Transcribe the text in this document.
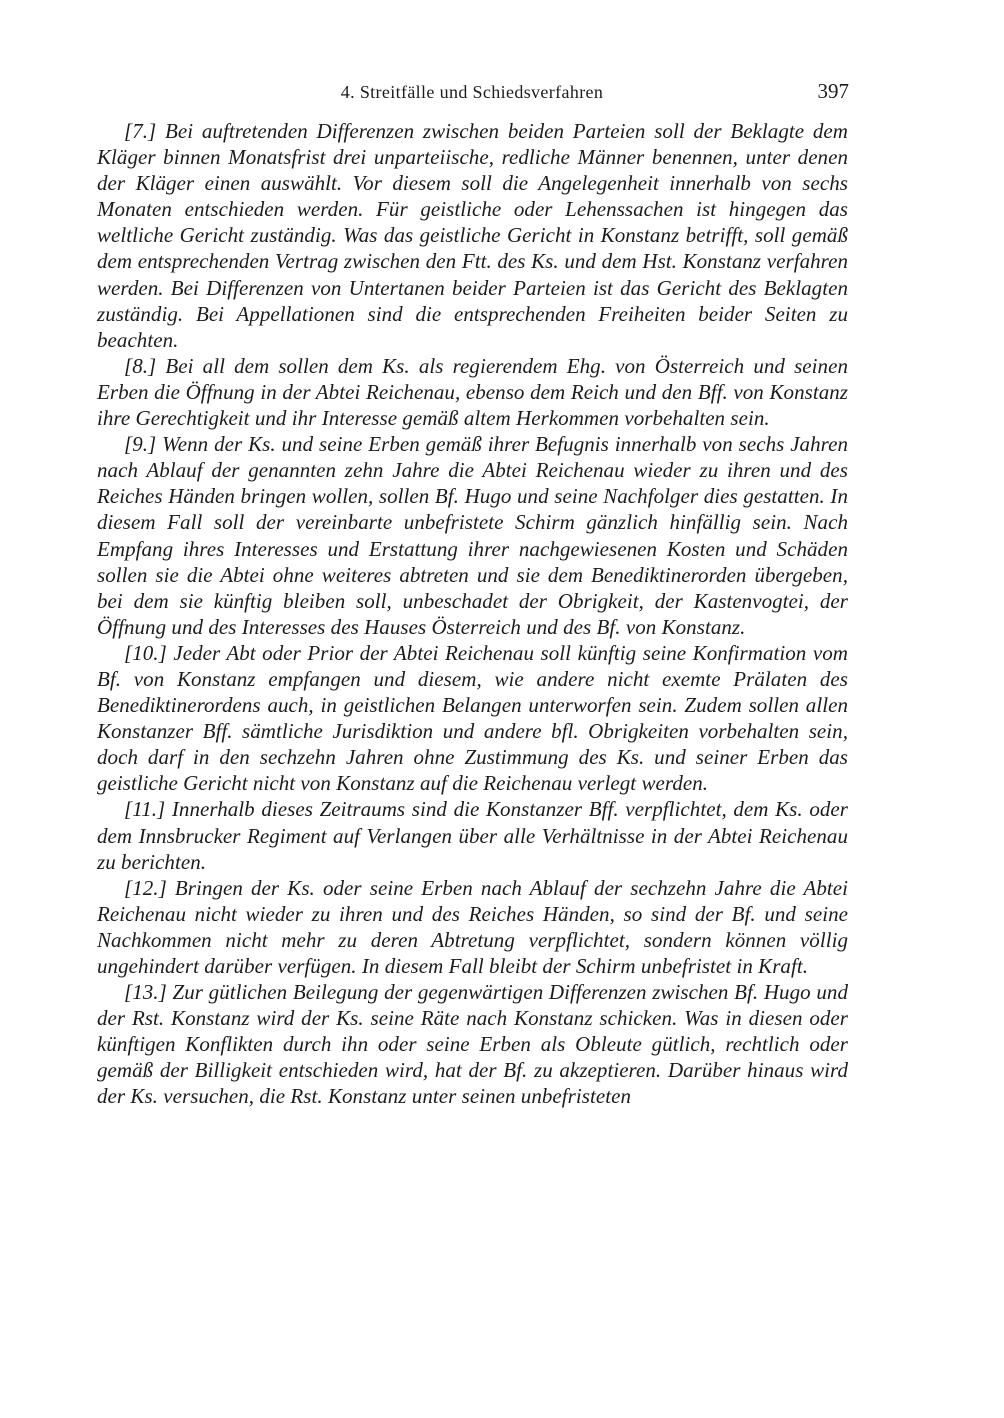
4. Streitfälle und Schiedsverfahren	397

[7.] Bei auftretenden Differenzen zwischen beiden Parteien soll der Beklagte dem Kläger binnen Monatsfrist drei unparteiische, redliche Männer benennen, unter denen der Kläger einen auswählt. Vor diesem soll die Angelegenheit innerhalb von sechs Monaten entschieden werden. Für geistliche oder Lehenssachen ist hingegen das weltliche Gericht zuständig. Was das geistliche Gericht in Konstanz betrifft, soll gemäß dem entsprechenden Vertrag zwischen den Ftt. des Ks. und dem Hst. Konstanz verfahren werden. Bei Differenzen von Untertanen beider Parteien ist das Gericht des Beklagten zuständig. Bei Appellationen sind die entsprechenden Freiheiten beider Seiten zu beachten.

[8.] Bei all dem sollen dem Ks. als regierendem Ehg. von Österreich und seinen Erben die Öffnung in der Abtei Reichenau, ebenso dem Reich und den Bff. von Konstanz ihre Gerechtigkeit und ihr Interesse gemäß altem Herkommen vorbehalten sein.

[9.] Wenn der Ks. und seine Erben gemäß ihrer Befugnis innerhalb von sechs Jahren nach Ablauf der genannten zehn Jahre die Abtei Reichenau wieder zu ihren und des Reiches Händen bringen wollen, sollen Bf. Hugo und seine Nachfolger dies gestatten. In diesem Fall soll der vereinbarte unbefristete Schirm gänzlich hinfällig sein. Nach Empfang ihres Interesses und Erstattung ihrer nachgewiesenen Kosten und Schäden sollen sie die Abtei ohne weiteres abtreten und sie dem Benediktinerorden übergeben, bei dem sie künftig bleiben soll, unbeschadet der Obrigkeit, der Kastenvogtei, der Öffnung und des Interesses des Hauses Österreich und des Bf. von Konstanz.

[10.] Jeder Abt oder Prior der Abtei Reichenau soll künftig seine Konfirmation vom Bf. von Konstanz empfangen und diesem, wie andere nicht exemte Prälaten des Benediktinerordens auch, in geistlichen Belangen unterworfen sein. Zudem sollen allen Konstanzer Bff. sämtliche Jurisdiktion und andere bfl. Obrigkeiten vorbehalten sein, doch darf in den sechzehn Jahren ohne Zustimmung des Ks. und seiner Erben das geistliche Gericht nicht von Konstanz auf die Reichenau verlegt werden.

[11.] Innerhalb dieses Zeitraums sind die Konstanzer Bff. verpflichtet, dem Ks. oder dem Innsbrucker Regiment auf Verlangen über alle Verhältnisse in der Abtei Reichenau zu berichten.

[12.] Bringen der Ks. oder seine Erben nach Ablauf der sechzehn Jahre die Abtei Reichenau nicht wieder zu ihren und des Reiches Händen, so sind der Bf. und seine Nachkommen nicht mehr zu deren Abtretung verpflichtet, sondern können völlig ungehindert darüber verfügen. In diesem Fall bleibt der Schirm unbefristet in Kraft.

[13.] Zur gütlichen Beilegung der gegenwärtigen Differenzen zwischen Bf. Hugo und der Rst. Konstanz wird der Ks. seine Räte nach Konstanz schicken. Was in diesen oder künftigen Konflikten durch ihn oder seine Erben als Obleute gütlich, rechtlich oder gemäß der Billigkeit entschieden wird, hat der Bf. zu akzeptieren. Darüber hinaus wird der Ks. versuchen, die Rst. Konstanz unter seinen unbefristeten
